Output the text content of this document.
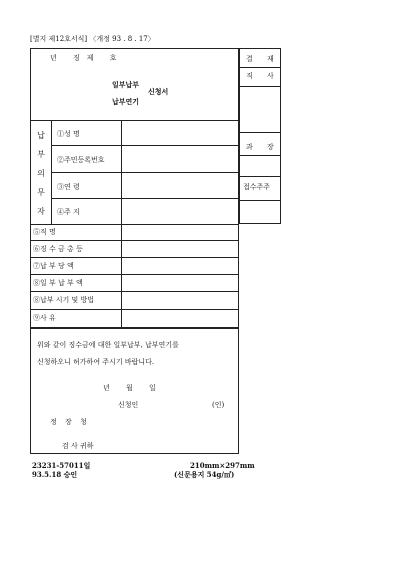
[별지 제12호서식] 〈개정 93 . 8 . 17〉
년 징제 호
일부납부
신청서
납부연기
결 재
직 사
과 장
접수주주
납부의무자
①성 명
②주민등록번호
③연 령
④주 지
⑤직 명
⑥징 수 금 총 등
⑦납 부 당 액
⑧일 부 납 부 액
⑧납부 시기 및 방법
⑨사 유
위와 같이 징수금에 대한 일부납부, 납부연기를
신청하오니 허가하여 주시기 바랍니다.
년 월 일
신청인	(인)
정 장 청
검 사 귀하
23231-57011일
93.5.18 승인
210mm×297mm
(신문용지 54g/㎡)
